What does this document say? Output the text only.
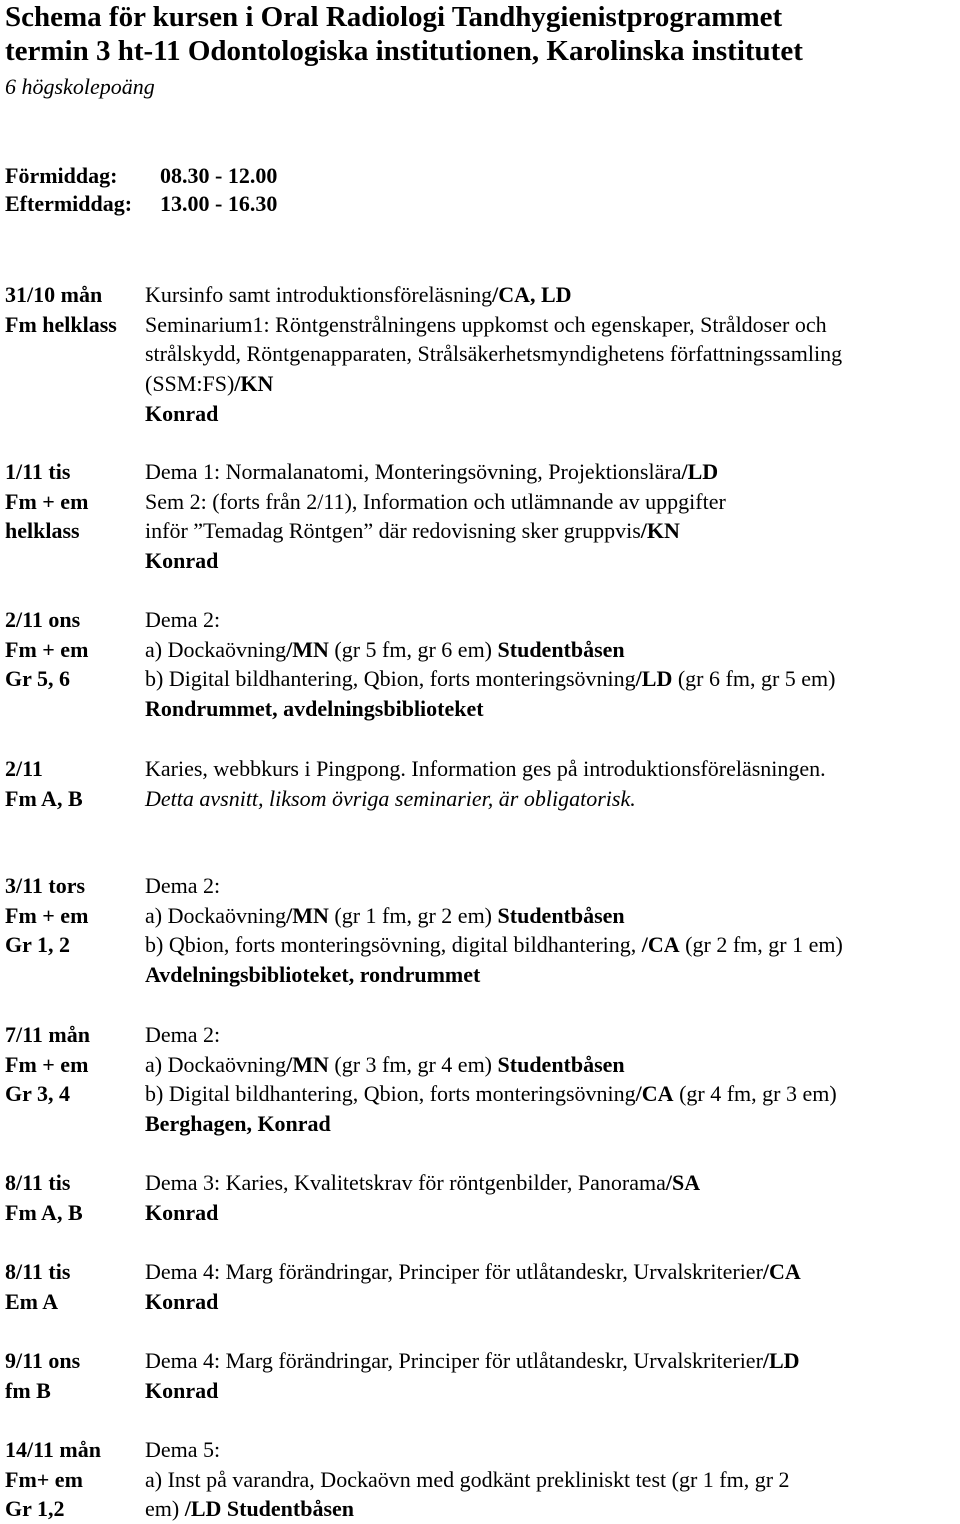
Schema för kursen i Oral Radiologi Tandhygienistprogrammet
termin 3 ht-11 Odontologiska institutionen, Karolinska institutet
6 högskolepoäng
Förmiddag: 08.30 - 12.00
Eftermiddag: 13.00 - 16.30
31/10 mån	Kursinfo samt introduktionsföreläsning/CA, LD
Fm helklass	Seminarium1: Röntgenstrålningens uppkomst och egenskaper, Stråldoser och
strålskydd, Röntgenapparaten, Strålsäkerhetsmyndighetens författningssamling
(SSM:FS)/KN
Konrad
1/11 tis	Dema 1: Normalanatomi, Monteringsövning, Projektionslära/LD
Fm + em	Sem 2: (forts från 2/11), Information och utlämnande av uppgifter
helklass	inför ”Temadag Röntgen” där redovisning sker gruppvis/KN
Konrad
2/11 ons	Dema 2:
Fm + em	a) Dockaövning/MN (gr 5 fm, gr 6 em) Studentbåsen
Gr 5, 6	b) Digital bildhantering, Qbion, forts monteringsövning/LD (gr 6 fm, gr 5 em)
Rondrummet, avdelningsbiblioteket
2/11	Karies, webbkurs i Pingpong. Information ges på introduktionsföreläsningen.
Fm A, B	Detta avsnitt, liksom övriga seminarier, är obligatorisk.
3/11 tors	Dema 2:
Fm + em	a) Dockaövning/MN (gr 1 fm, gr 2 em) Studentbåsen
Gr 1, 2	b) Qbion, forts monteringsövning, digital bildhantering, /CA (gr 2 fm, gr 1 em)
Avdelningsbiblioteket, rondrummet
7/11 mån	Dema 2:
Fm + em	a) Dockaövning/MN (gr 3 fm, gr 4 em) Studentbåsen
Gr 3, 4	b) Digital bildhantering, Qbion, forts monteringsövning/CA (gr 4 fm, gr 3 em)
Berghagen, Konrad
8/11 tis	Dema 3: Karies, Kvalitetskrav för röntgenbilder, Panorama/SA
Fm A, B	Konrad
8/11 tis	Dema 4: Marg förändringar, Principer för utlåtandeskr, Urvalskriterier/CA
Em A	Konrad
9/11 ons	Dema 4: Marg förändringar, Principer för utlåtandeskr, Urvalskriterier/LD
fm B	Konrad
14/11 mån	Dema 5:
Fm+ em	a) Inst på varandra, Dockaövn med godkänt prekliniskt test (gr 1 fm, gr 2
Gr 1,2	em) /LD Studentbåsen
